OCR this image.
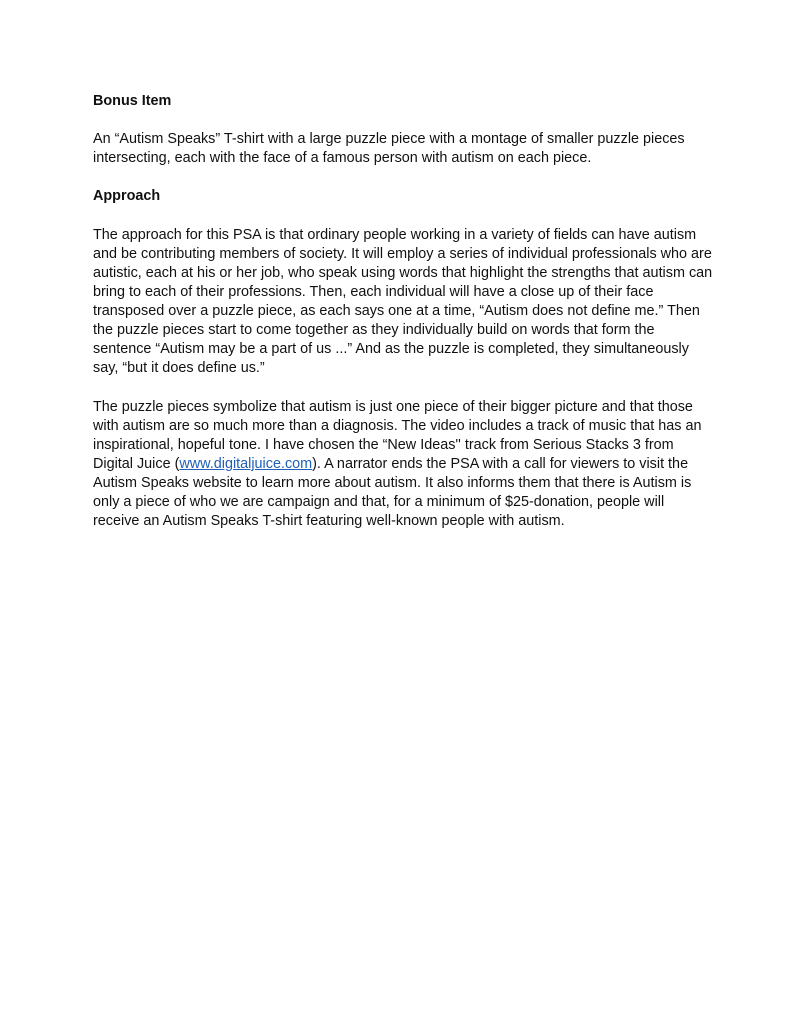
Bonus Item

An “Autism Speaks” T-shirt with a large puzzle piece with a montage of smaller puzzle pieces intersecting, each with the face of a famous person with autism on each piece.

Approach

The approach for this PSA is that ordinary people working in a variety of fields can have autism and be contributing members of society. It will employ a series of individual professionals who are autistic, each at his or her job, who speak using words that highlight the strengths that autism can bring to each of their professions. Then, each individual will have a close up of their face transposed over a puzzle piece, as each says one at a time, “Autism does not define me.” Then the puzzle pieces start to come together as they individually build on words that form the sentence “Autism may be a part of us ...” And as the puzzle is completed, they simultaneously say, “but it does define us.”

The puzzle pieces symbolize that autism is just one piece of their bigger picture and that those with autism are so much more than a diagnosis. The video includes a track of music that has an inspirational, hopeful tone. I have chosen the “New Ideas'' track from Serious Stacks 3 from Digital Juice (www.digitaljuice.com). A narrator ends the PSA with a call for viewers to visit the Autism Speaks website to learn more about autism. It also informs them that there is Autism is only a piece of who we are campaign and that, for a minimum of $25-donation, people will receive an Autism Speaks T-shirt featuring well-known people with autism.
